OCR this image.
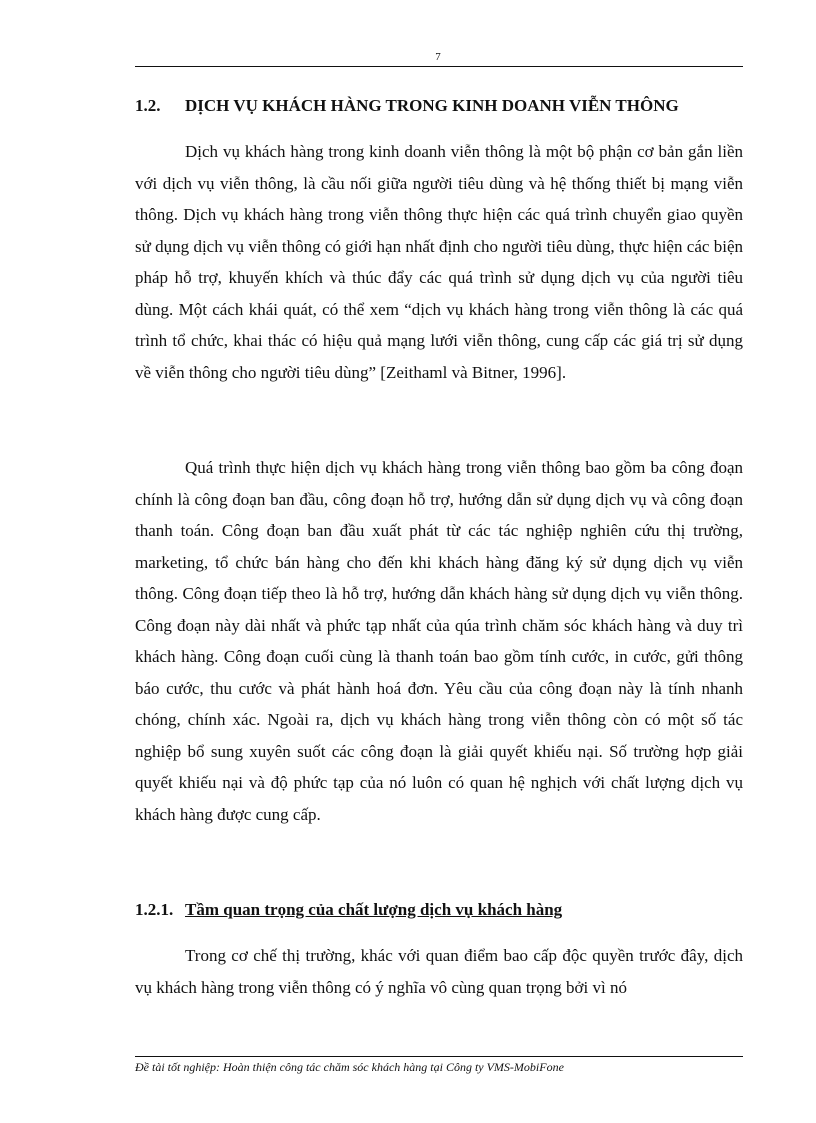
7
1.2. DỊCH VỤ KHÁCH HÀNG TRONG KINH DOANH VIỄN THÔNG

Dịch vụ khách hàng trong kinh doanh viễn thông là một bộ phận cơ bản gắn liền với dịch vụ viễn thông, là cầu nối giữa người tiêu dùng và hệ thống thiết bị mạng viễn thông. Dịch vụ khách hàng trong viễn thông thực hiện các quá trình chuyển giao quyền sử dụng dịch vụ viễn thông có giới hạn nhất định cho người tiêu dùng, thực hiện các biện pháp hỗ trợ, khuyến khích và thúc đẩy các quá trình sử dụng dịch vụ của người tiêu dùng. Một cách khái quát, có thể xem “dịch vụ khách hàng trong viễn thông là các quá trình tổ chức, khai thác có hiệu quả mạng lưới viễn thông, cung cấp các giá trị sử dụng về viễn thông cho người tiêu dùng” [Zeithaml và Bitner, 1996].

Quá trình thực hiện dịch vụ khách hàng trong viễn thông bao gồm ba công đoạn chính là công đoạn ban đầu, công đoạn hỗ trợ, hướng dẫn sử dụng dịch vụ và công đoạn thanh toán. Công đoạn ban đầu xuất phát từ các tác nghiệp nghiên cứu thị trường, marketing, tổ chức bán hàng cho đến khi khách hàng đăng ký sử dụng dịch vụ viễn thông. Công đoạn tiếp theo là hỗ trợ, hướng dẫn khách hàng sử dụng dịch vụ viễn thông. Công đoạn này dài nhất và phức tạp nhất của qúa trình chăm sóc khách hàng và duy trì khách hàng. Công đoạn cuối cùng là thanh toán bao gồm tính cước, in cước, gửi thông báo cước, thu cước và phát hành hoá đơn. Yêu cầu của công đoạn này là tính nhanh chóng, chính xác. Ngoài ra, dịch vụ khách hàng trong viễn thông còn có một số tác nghiệp bổ sung xuyên suốt các công đoạn là giải quyết khiếu nại. Số trường hợp giải quyết khiếu nại và độ phức tạp của nó luôn có quan hệ nghịch với chất lượng dịch vụ khách hàng được cung cấp.

1.2.1. Tầm quan trọng của chất lượng dịch vụ khách hàng

Trong cơ chế thị trường, khác với quan điểm bao cấp độc quyền trước đây, dịch vụ khách hàng trong viễn thông có ý nghĩa vô cùng quan trọng bởi vì nó

Đề tài tốt nghiệp: Hoàn thiện công tác chăm sóc khách hàng tại Công ty VMS-MobiFone
